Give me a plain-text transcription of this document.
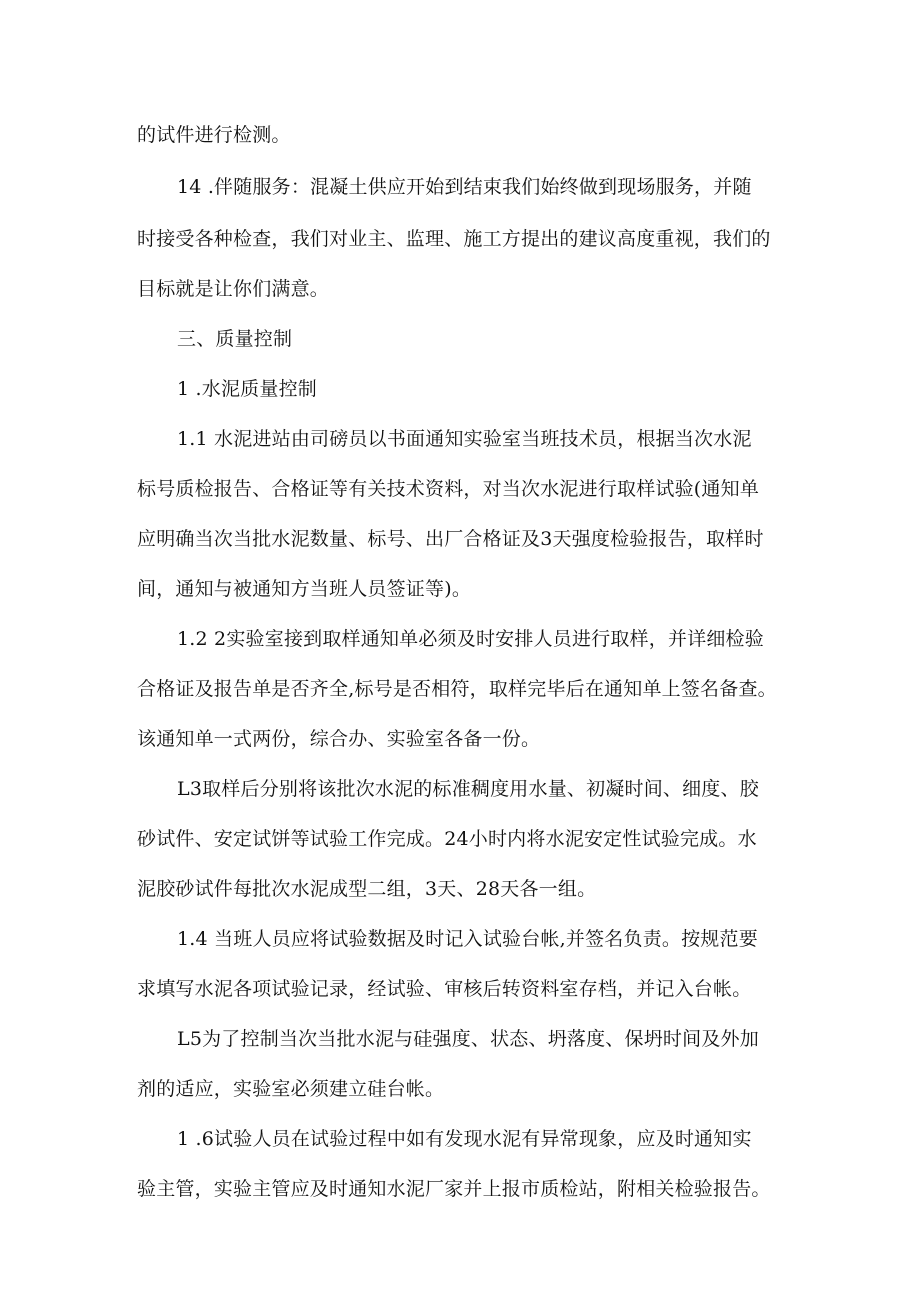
的试件进行检测。
14 .伴随服务：混凝土供应开始到结束我们始终做到现场服务，并随
时接受各种检查，我们对业主、监理、施工方提出的建议高度重视，我们的
目标就是让你们满意。
三、质量控制
1 .水泥质量控制
1.1 水泥进站由司磅员以书面通知实验室当班技术员，根据当次水泥
标号质检报告、合格证等有关技术资料，对当次水泥进行取样试验(通知单
应明确当次当批水泥数量、标号、出厂合格证及3天强度检验报告，取样时
间，通知与被通知方当班人员签证等)。
1.2 2实验室接到取样通知单必须及时安排人员进行取样，并详细检验
合格证及报告单是否齐全,标号是否相符，取样完毕后在通知单上签名备查。
该通知单一式两份，综合办、实验室各备一份。
L3取样后分别将该批次水泥的标准稠度用水量、初凝时间、细度、胶
砂试件、安定试饼等试验工作完成。24小时内将水泥安定性试验完成。水
泥胶砂试件每批次水泥成型二组，3天、28天各一组。
1.4 当班人员应将试验数据及时记入试验台帐,并签名负责。按规范要
求填写水泥各项试验记录，经试验、审核后转资料室存档，并记入台帐。
L5为了控制当次当批水泥与硅强度、状态、坍落度、保坍时间及外加
剂的适应，实验室必须建立硅台帐。
1 .6试验人员在试验过程中如有发现水泥有异常现象，应及时通知实
验主管，实验主管应及时通知水泥厂家并上报市质检站，附相关检验报告。
